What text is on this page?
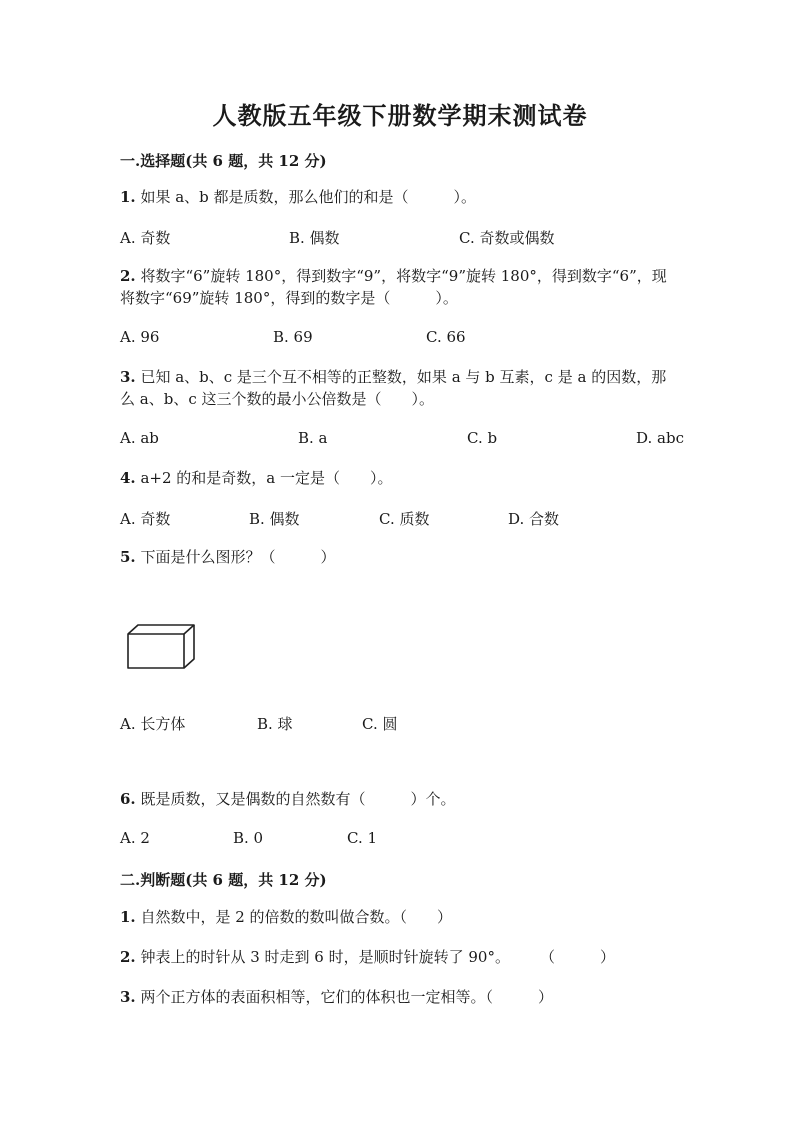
人教版五年级下册数学期末测试卷
一.选择题(共 6 题，共 12 分)
1. 如果 a、b 都是质数，那么他们的和是（　　　）。
A. 奇数	B. 偶数	C. 奇数或偶数
2. 将数字“6”旋转 180°，得到数字“9”，将数字“9”旋转 180°，得到数字“6”，现将数字“69”旋转 180°，得到的数字是（　　　）。
A. 96	B. 69	C. 66
3. 已知 a、b、c 是三个互不相等的正整数，如果 a 与 b 互素，c 是 a 的因数，那么 a、b、c 这三个数的最小公倍数是（　　）。
A. ab	B. a	C. b	D. abc
4. a+2 的和是奇数，a 一定是（　　）。
A. 奇数	B. 偶数	C. 质数	D. 合数
5. 下面是什么图形？（　　　）
A. 长方体	B. 球	C. 圆
6. 既是质数，又是偶数的自然数有（　　　）个。
A. 2	B. 0	C. 1
二.判断题(共 6 题，共 12 分)
1. 自然数中，是 2 的倍数的数叫做合数。（　　）
2. 钟表上的时针从 3 时走到 6 时，是顺时针旋转了 90°。　　　（　　　）
3. 两个正方体的表面积相等，它们的体积也一定相等。（　　　）
